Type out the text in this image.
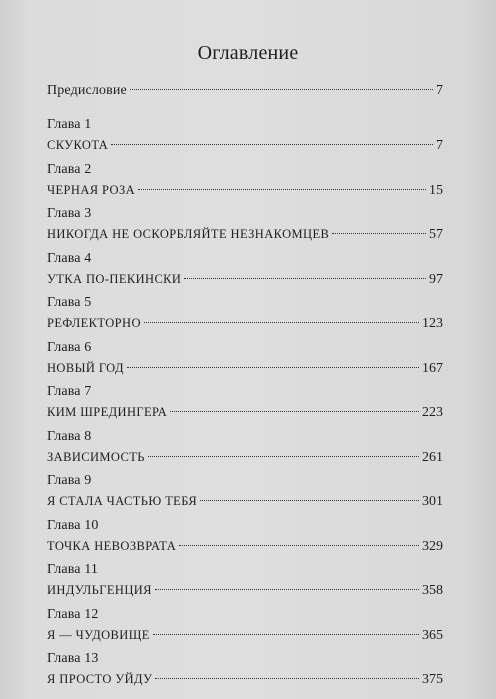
Оглавление
Предисловие	7
Глава 1
СКУКОТА	7
Глава 2
ЧЕРНАЯ РОЗА	15
Глава 3
НИКОГДА НЕ ОСКОРБЛЯЙТЕ НЕЗНАКОМЦЕВ	57
Глава 4
УТКА ПО-ПЕКИНСКИ	97
Глава 5
РЕФЛЕКТОРНО	123
Глава 6
НОВЫЙ ГОД	167
Глава 7
КИМ ШРЕДИНГЕРА	223
Глава 8
ЗАВИСИМОСТЬ	261
Глава 9
Я СТАЛА ЧАСТЬЮ ТЕБЯ	301
Глава 10
ТОЧКА НЕВОЗВРАТА	329
Глава 11
ИНДУЛЬГЕНЦИЯ	358
Глава 12
Я — ЧУДОВИЩЕ	365
Глава 13
Я ПРОСТО УЙДУ	375
